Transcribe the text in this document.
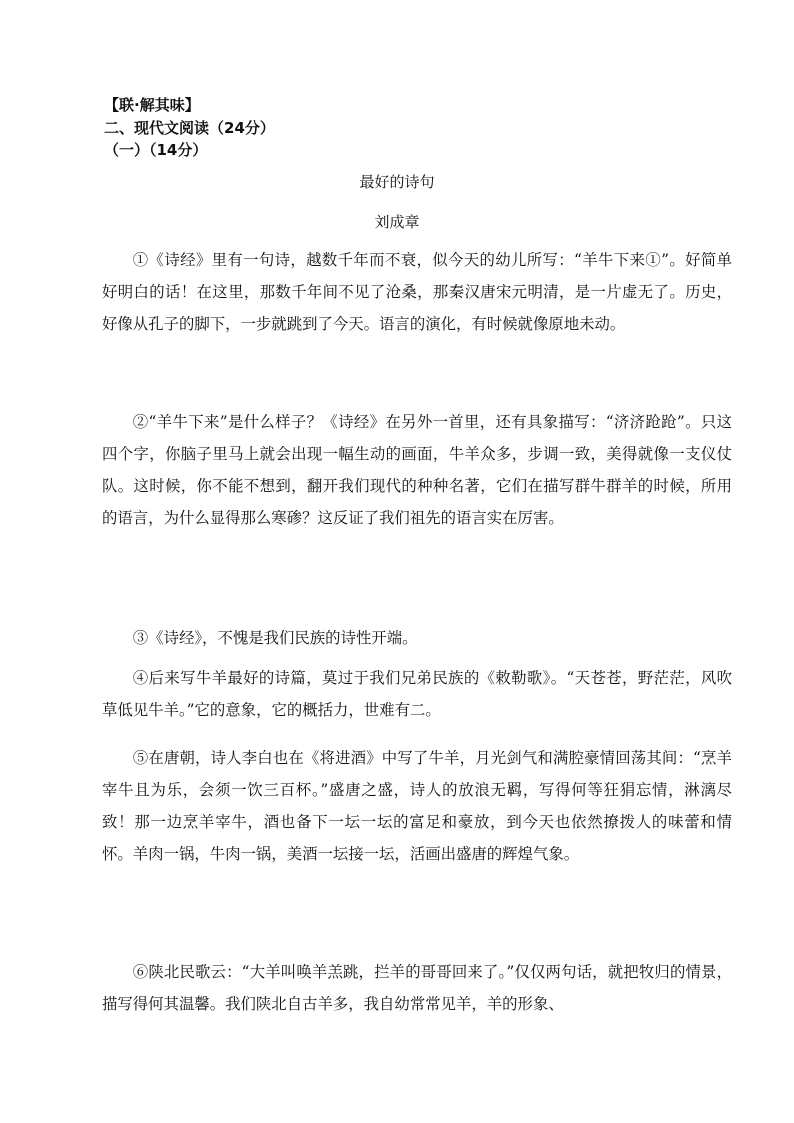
【联·解其味】
二、现代文阅读（24分）
（一）（14分）
最好的诗句
刘成章

①《诗经》里有一句诗，越数千年而不衰，似今天的幼儿所写：“羊牛下来①”。好简单好明白的话！在这里，那数千年间不见了沧桑，那秦汉唐宋元明清，是一片虚无了。历史，好像从孔子的脚下，一步就跳到了今天。语言的演化，有时候就像原地未动。

②“羊牛下来”是什么样子？《诗经》在另外一首里，还有具象描写：“济济跄跄”。只这四个字，你脑子里马上就会出现一幅生动的画面，牛羊众多，步调一致，美得就像一支仪仗队。这时候，你不能不想到，翻开我们现代的种种名著，它们在描写群牛群羊的时候，所用的语言，为什么显得那么寒碜？这反证了我们祖先的语言实在厉害。

③《诗经》，不愧是我们民族的诗性开端。

④后来写牛羊最好的诗篇，莫过于我们兄弟民族的《敕勒歌》。“天苍苍，野茫茫，风吹草低见牛羊。”它的意象，它的概括力，世难有二。

⑤在唐朝，诗人李白也在《将进酒》中写了牛羊，月光剑气和满腔豪情回荡其间：“烹羊宰牛且为乐，会须一饮三百杯。”盛唐之盛，诗人的放浪无羁，写得何等狂狷忘情，淋漓尽致！那一边烹羊宰牛，酒也备下一坛一坛的富足和豪放，到今天也依然撩拨人的味蕾和情怀。羊肉一锅，牛肉一锅，美酒一坛接一坛，活画出盛唐的辉煌气象。

⑥陕北民歌云：“大羊叫唤羊羔跳，拦羊的哥哥回来了。”仅仅两句话，就把牧归的情景，描写得何其温馨。我们陕北自古羊多，我自幼常常见羊，羊的形象、
